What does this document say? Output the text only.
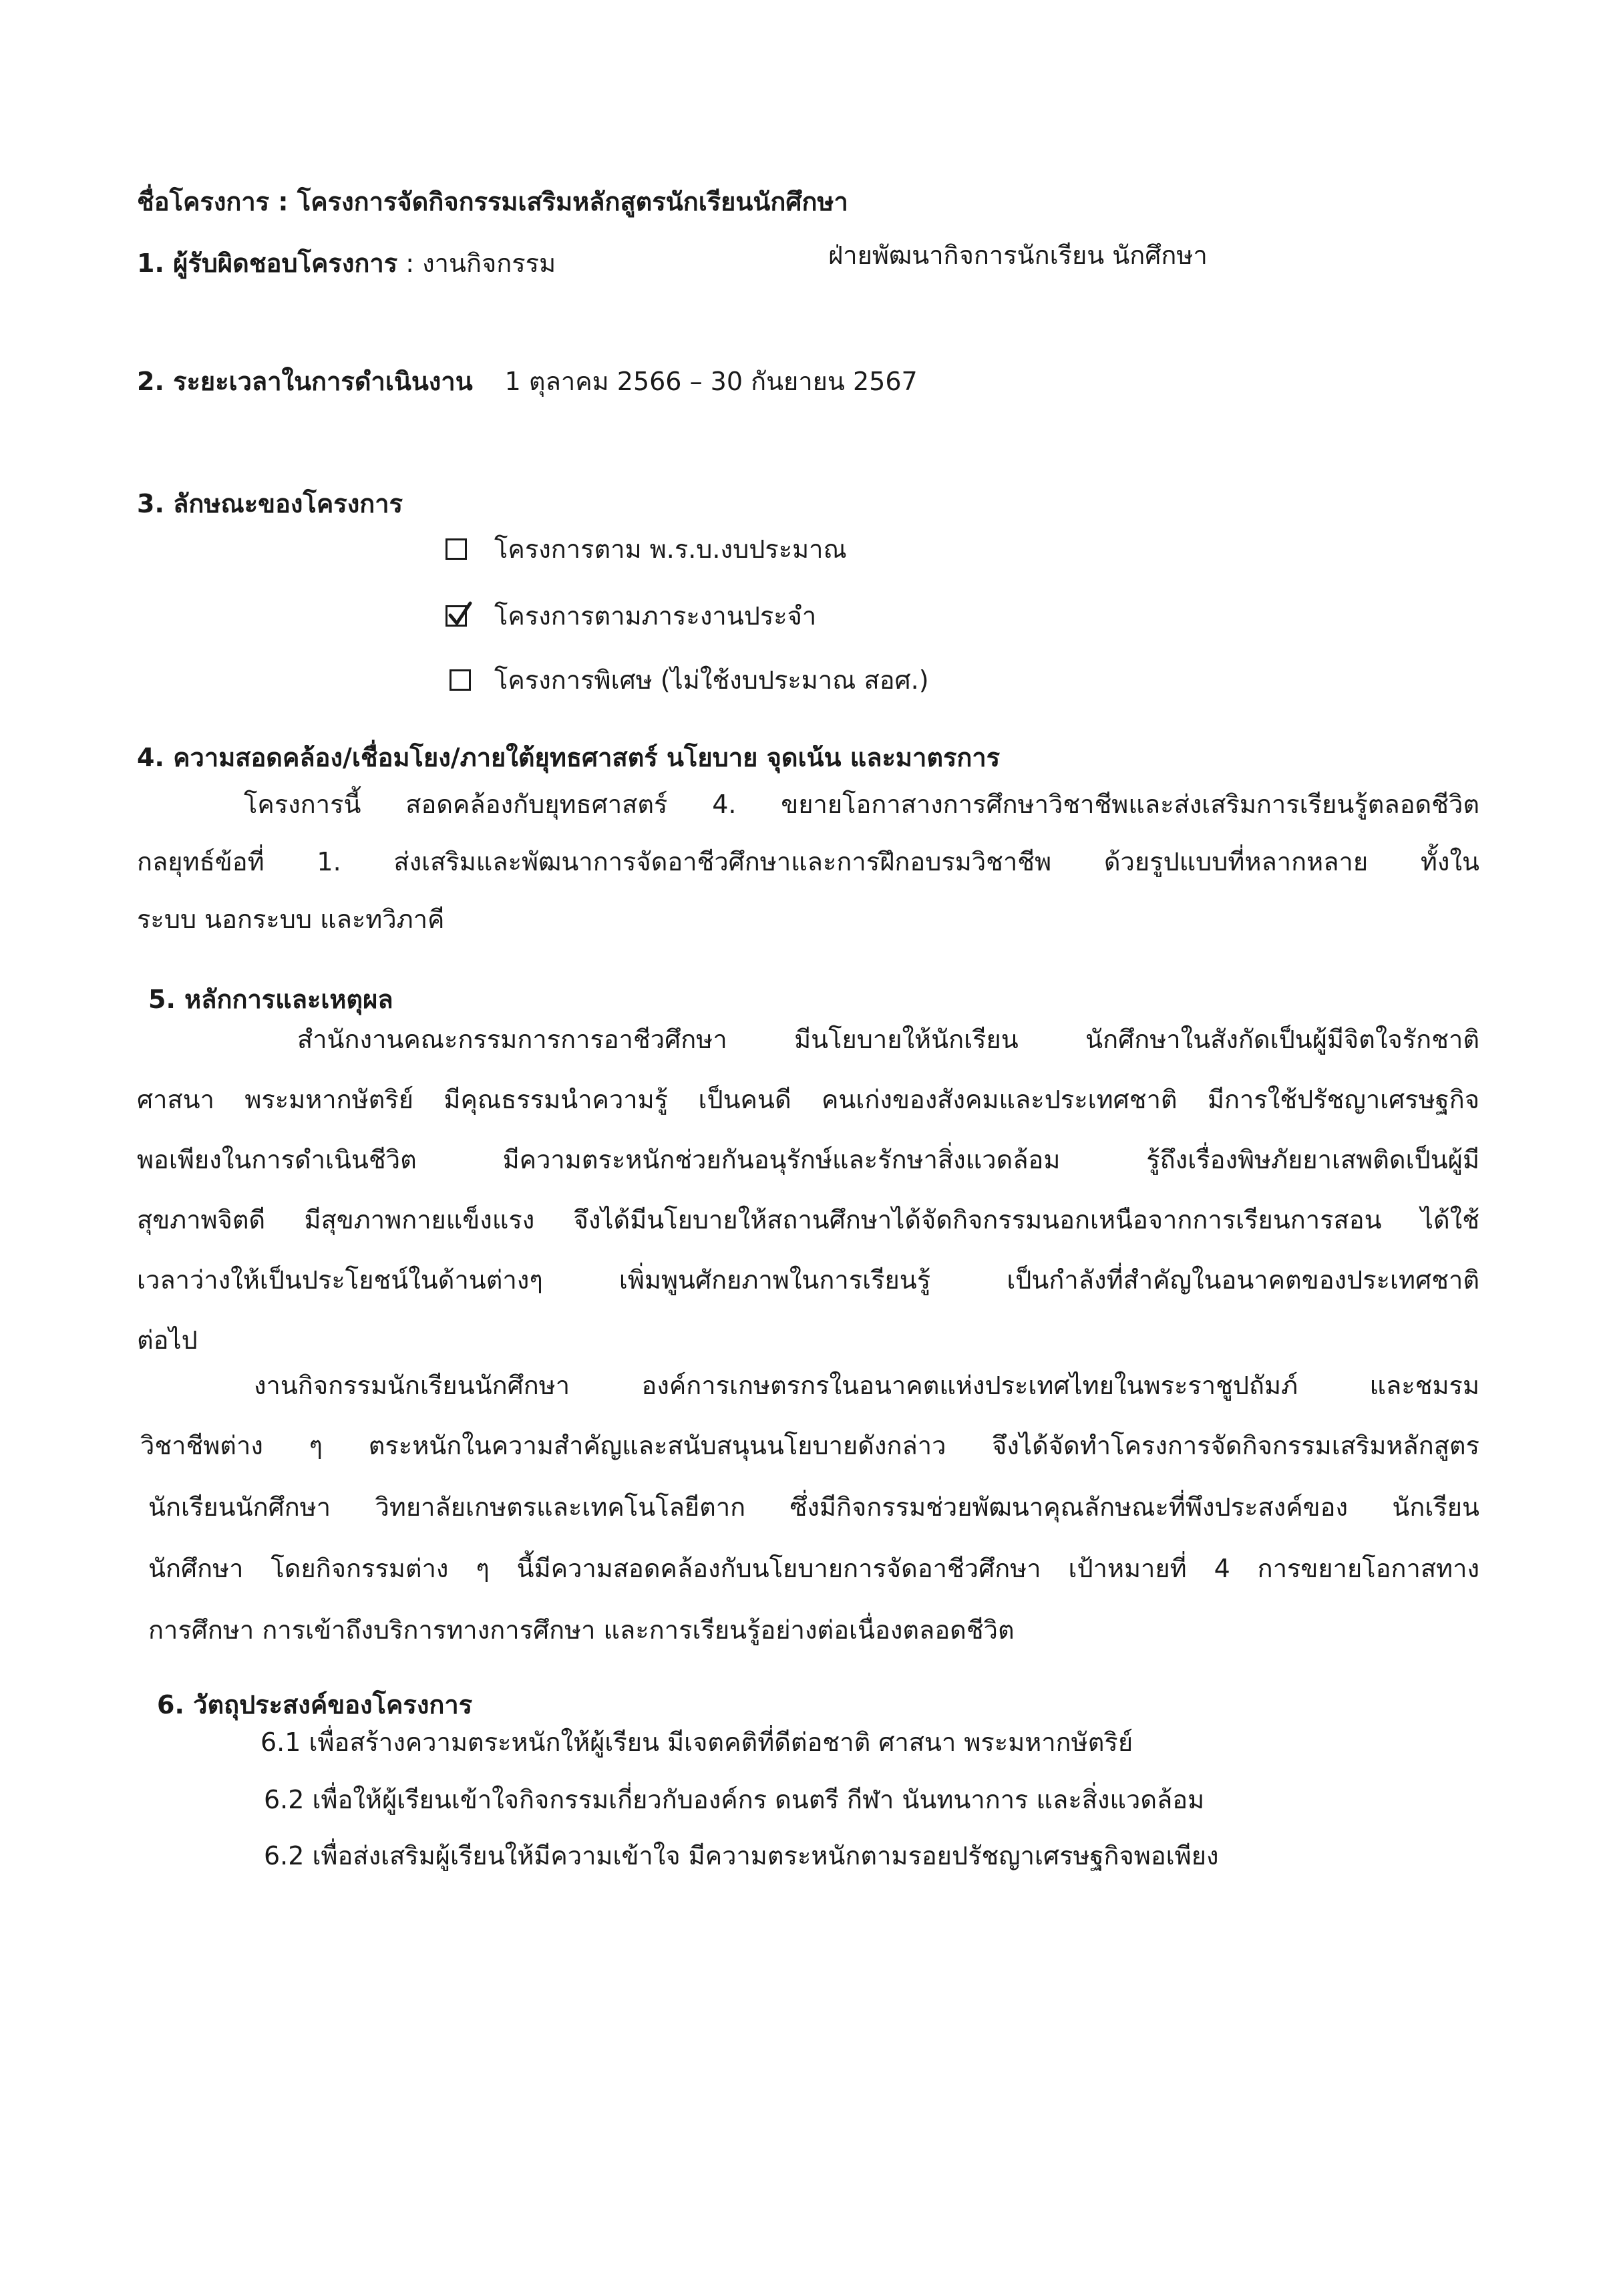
ชื่อโครงการ : โครงการจัดกิจกรรมเสริมหลักสูตรนักเรียนนักศึกษา
1. ผู้รับผิดชอบโครงการ : งานกิจกรรม	ฝ่ายพัฒนากิจการนักเรียน นักศึกษา
2. ระยะเวลาในการดำเนินงาน 1 ตุลาคม 2566 – 30 กันยายน 2567
3. ลักษณะของโครงการ
โครงการตาม พ.ร.บ.งบประมาณ
โครงการตามภาระงานประจำ
โครงการพิเศษ (ไม่ใช้งบประมาณ สอศ.)
4. ความสอดคล้อง/เชื่อมโยง/ภายใต้ยุทธศาสตร์ นโยบาย จุดเน้น และมาตรการ
โครงการนี้ สอดคล้องกับยุทธศาสตร์ 4. ขยายโอกาสางการศึกษาวิชาชีพและส่งเสริมการเรียนรู้ตลอดชีวิต
กลยุทธ์ข้อที่ 1. ส่งเสริมและพัฒนาการจัดอาชีวศึกษาและการฝึกอบรมวิชาชีพ ด้วยรูปแบบที่หลากหลาย ทั้งใน
ระบบ นอกระบบ และทวิภาคี
5. หลักการและเหตุผล
สำนักงานคณะกรรมการการอาชีวศึกษา มีนโยบายให้นักเรียน นักศึกษาในสังกัดเป็นผู้มีจิตใจรักชาติ
ศาสนา พระมหากษัตริย์ มีคุณธรรมนำความรู้ เป็นคนดี คนเก่งของสังคมและประเทศชาติ มีการใช้ปรัชญาเศรษฐกิจ
พอเพียงในการดำเนินชีวิต มีความตระหนักช่วยกันอนุรักษ์และรักษาสิ่งแวดล้อม รู้ถึงเรื่องพิษภัยยาเสพติดเป็นผู้มี
สุขภาพจิตดี มีสุขภาพกายแข็งแรง จึงได้มีนโยบายให้สถานศึกษาได้จัดกิจกรรมนอกเหนือจากการเรียนการสอน ได้ใช้
เวลาว่างให้เป็นประโยชน์ในด้านต่างๆ เพิ่มพูนศักยภาพในการเรียนรู้ เป็นกำลังที่สำคัญในอนาคตของประเทศชาติ
ต่อไป
งานกิจกรรมนักเรียนนักศึกษา องค์การเกษตรกรในอนาคตแห่งประเทศไทยในพระราชูปถัมภ์ และชมรม
วิชาชีพต่าง ๆ ตระหนักในความสำคัญและสนับสนุนนโยบายดังกล่าว จึงได้จัดทำโครงการจัดกิจกรรมเสริมหลักสูตร
นักเรียนนักศึกษา วิทยาลัยเกษตรและเทคโนโลยีตาก ซึ่งมีกิจกรรมช่วยพัฒนาคุณลักษณะที่พึงประสงค์ของ นักเรียน
นักศึกษา โดยกิจกรรมต่าง ๆ นี้มีความสอดคล้องกับนโยบายการจัดอาชีวศึกษา เป้าหมายที่ 4 การขยายโอกาสทาง
การศึกษา การเข้าถึงบริการทางการศึกษา และการเรียนรู้อย่างต่อเนื่องตลอดชีวิต
6. วัตถุประสงค์ของโครงการ
6.1 เพื่อสร้างความตระหนักให้ผู้เรียน มีเจตคติที่ดีต่อชาติ ศาสนา พระมหากษัตริย์
6.2 เพื่อให้ผู้เรียนเข้าใจกิจกรรมเกี่ยวกับองค์กร ดนตรี กีฬา นันทนาการ และสิ่งแวดล้อม
6.2 เพื่อส่งเสริมผู้เรียนให้มีความเข้าใจ มีความตระหนักตามรอยปรัชญาเศรษฐกิจพอเพียง
